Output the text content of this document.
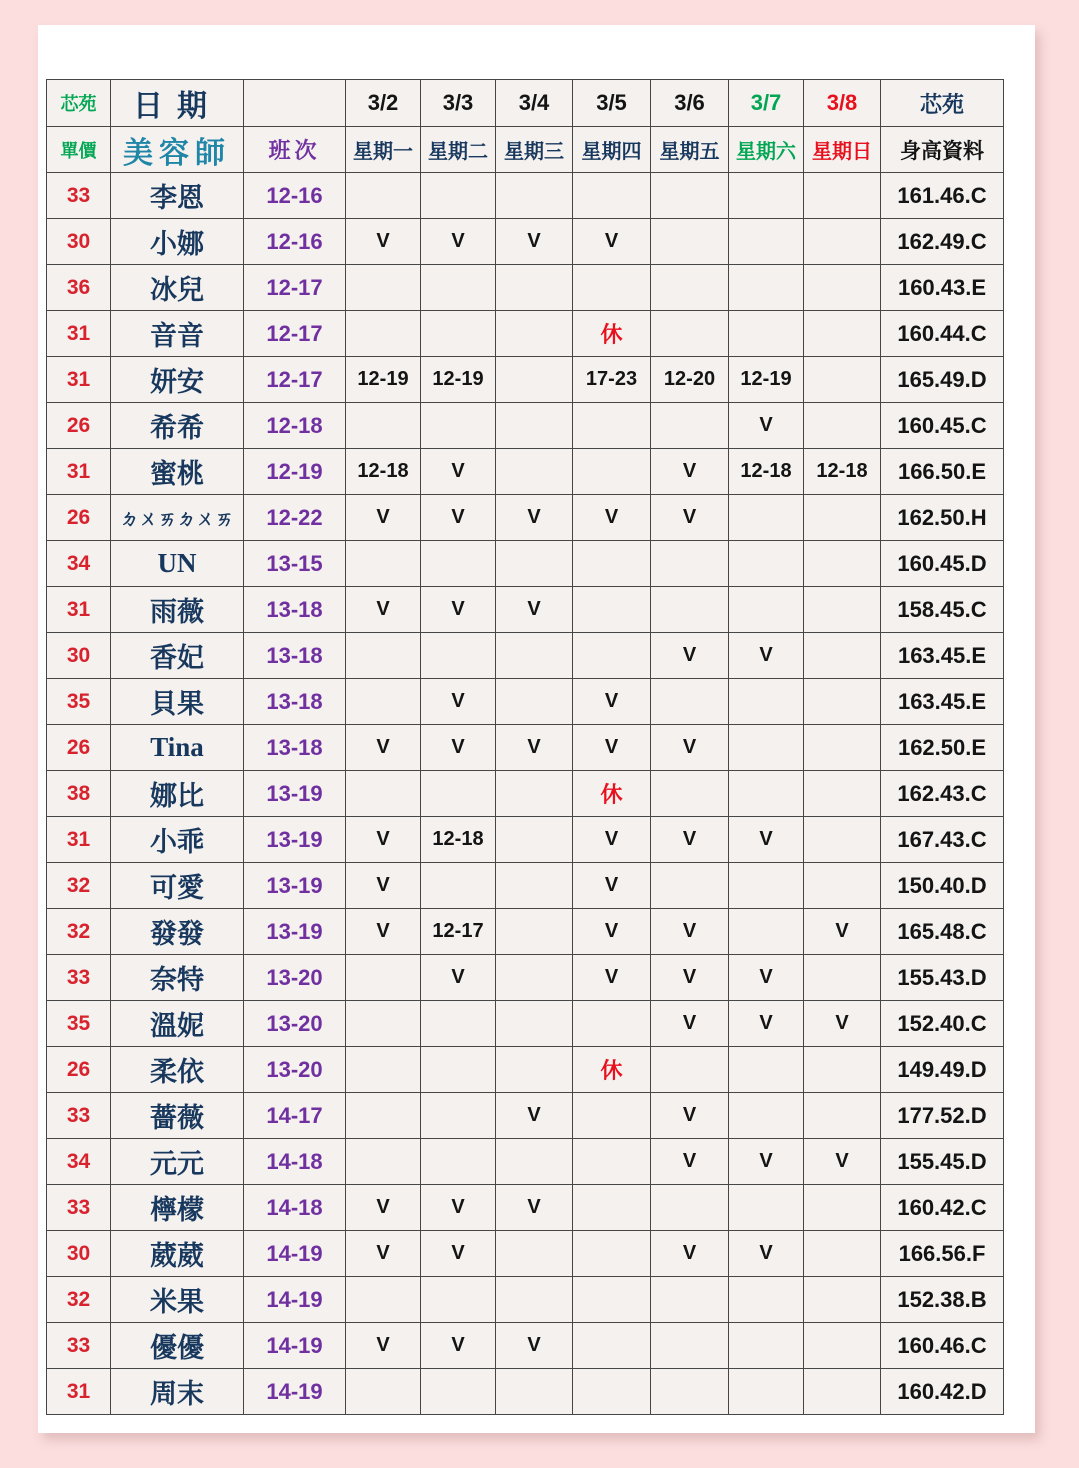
芯苑	日期		3/2	3/3	3/4	3/5	3/6	3/7	3/8	芯苑
單價	美容師	班次	星期一	星期二	星期三	星期四	星期五	星期六	星期日	身高資料
33	李恩	12-16								161.46.C
30	小娜	12-16	V	V	V	V				162.49.C
36	冰兒	12-17								160.43.E
31	音音	12-17				休				160.44.C
31	妍安	12-17	12-19	12-19		17-23	12-20	12-19		165.49.D
26	希希	12-18						V		160.45.C
31	蜜桃	12-19	12-18	V			V	12-18	12-18	166.50.E
26	ㄉㄨㄞㄉㄨㄞ	12-22	V	V	V	V	V			162.50.H
34	UN	13-15								160.45.D
31	雨薇	13-18	V	V	V					158.45.C
30	香妃	13-18					V	V		163.45.E
35	貝果	13-18		V		V				163.45.E
26	Tina	13-18	V	V	V	V	V			162.50.E
38	娜比	13-19				休				162.43.C
31	小乖	13-19	V	12-18		V	V	V		167.43.C
32	可愛	13-19	V			V				150.40.D
32	發發	13-19	V	12-17		V	V		V	165.48.C
33	奈特	13-20		V		V	V	V		155.43.D
35	溫妮	13-20					V	V	V	152.40.C
26	柔依	13-20				休				149.49.D
33	薔薇	14-17			V		V			177.52.D
34	元元	14-18					V	V	V	155.45.D
33	檸檬	14-18	V	V	V					160.42.C
30	葳葳	14-19	V	V			V	V		166.56.F
32	米果	14-19								152.38.B
33	優優	14-19	V	V	V					160.46.C
31	周末	14-19								160.42.D
